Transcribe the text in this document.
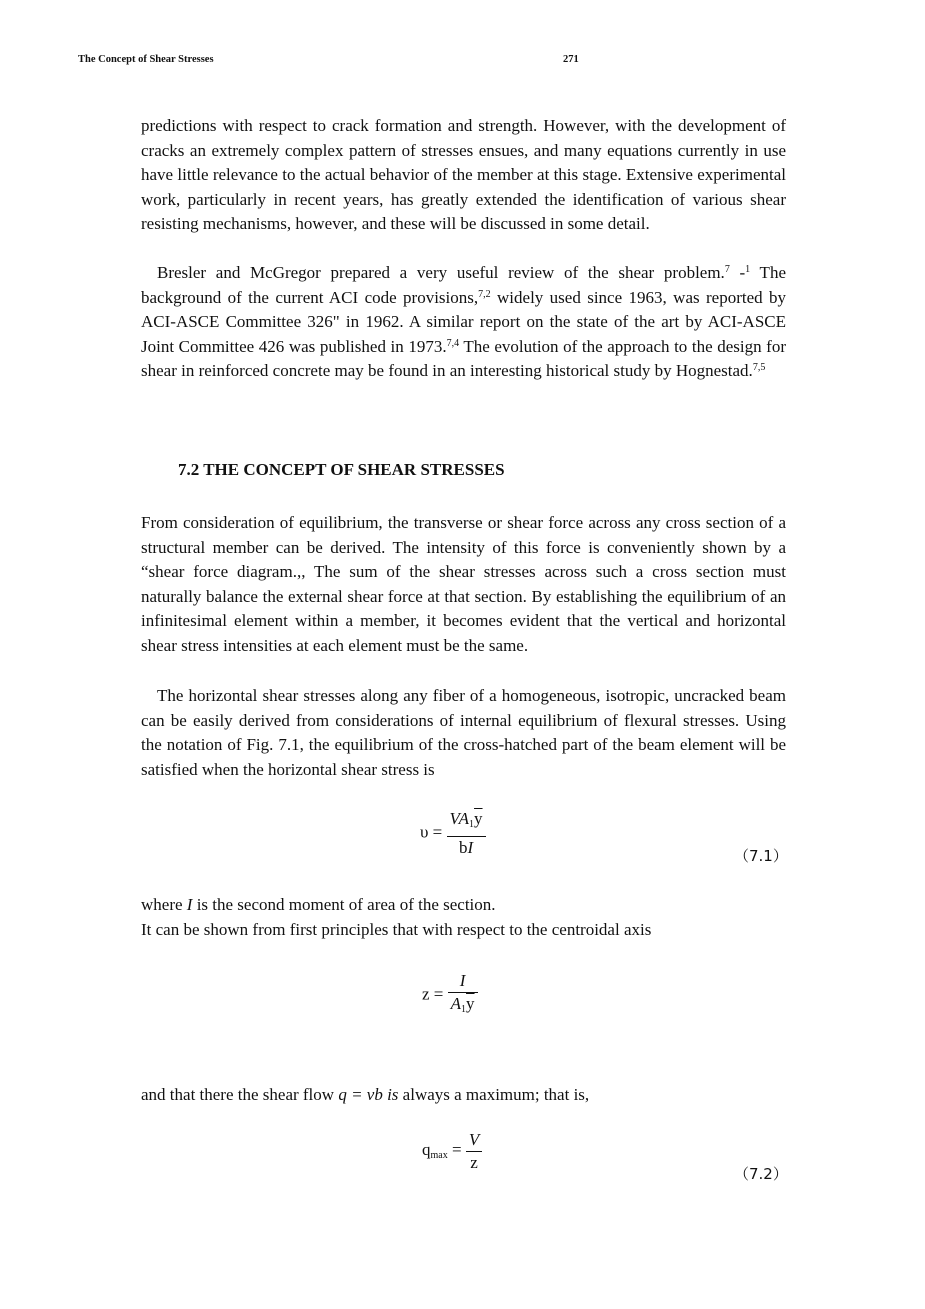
The Concept of Shear Stresses	271

predictions with respect to crack formation and strength. However, with the development of cracks an extremely complex pattern of stresses ensues, and many equations currently in use have little relevance to the actual behavior of the member at this stage. Extensive experimental work, particularly in recent years, has greatly extended the identification of various shear resisting mechanisms, however, and these will be discussed in some detail.

Bresler and McGregor prepared a very useful review of the shear problem.$^7$ -$^1$ The background of the current ACI code provisions,$^{7,2}$ widely used since 1963, was reported by ACI-ASCE Committee 326" in 1962. A similar report on the state of the art by ACI-ASCE Joint Committee 426 was published in 1973.$^{7,4}$ The evolution of the approach to the design for shear in reinforced concrete may be found in an interesting historical study by Hognestad.$^{7,5}$

7.2 THE CONCEPT OF SHEAR STRESSES

From consideration of equilibrium, the transverse or shear force across any cross section of a structural member can be derived. The intensity of this force is conveniently shown by a “shear force diagram.,, The sum of the shear stresses across such a cross section must naturally balance the external shear force at that section. By establishing the equilibrium of an infinitesimal element within a member, it becomes evident that the vertical and horizontal shear stress intensities at each element must be the same.

The horizontal shear stresses along any fiber of a homogeneous, isotropic, uncracked beam can be easily derived from considerations of internal equilibrium of flexural stresses. Using the notation of Fig. 7.1, the equilibrium of the cross-hatched part of the beam element will be satisfied when the horizontal shear stress is

$\upsilon = \frac{VA_1\overline{y}}{bI}$	（7.1）

where I is the second moment of area of the section.

It can be shown from first principles that with respect to the centroidal axis

$z = \frac{I}{A_1\overline{y}}$

and that there the shear flow q = vb is always a maximum; that is,

$q_{max} = \frac{V}{z}$	（7.2）
